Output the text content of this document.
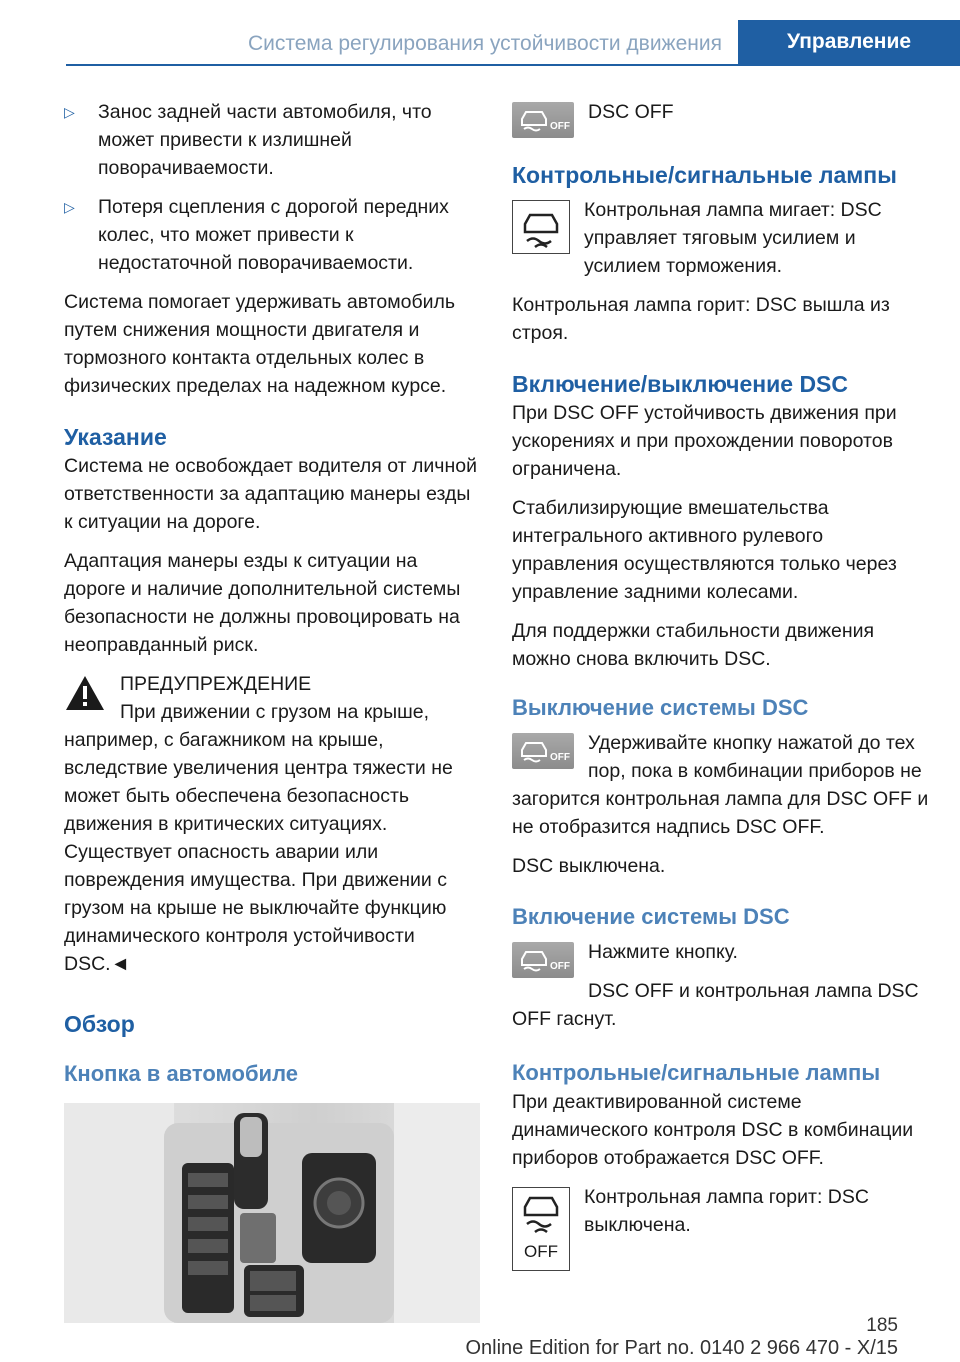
Система регулирования устойчивости движения	Управление
▷ Занос задней части автомобиля, что может привести к излишней поворачиваемости.
▷ Потеря сцепления с дорогой передних колес, что может привести к недостаточной поворачиваемости.

Система помогает удерживать автомобиль путем снижения мощности двигателя и тормозного контакта отдельных колес в физических пределах на надежном курсе.

Указание

Система не освобождает водителя от личной ответственности за адаптацию манеры езды к ситуации на дороге.

Адаптация манеры езды к ситуации на дороге и наличие дополнительной системы безопасности не должны провоцировать на неоправданный риск.

ПРЕДУПРЕЖДЕНИЕ

При движении с грузом на крыше, например, с багажником на крыше, вследствие увеличения центра тяжести не может быть обеспечена безопасность движения в критических ситуациях. Существует опасность аварии или повреждения имущества. При движении с грузом на крыше не выключайте функцию динамического контроля устойчивости DSC.◄

Обзор
Кнопка в автомобиле
OFF

DSC OFF

Контрольные/сигнальные лампы

Контрольная лампа мигает: DSC управляет тяговым усилием и усилием торможения.

Контрольная лампа горит: DSC вышла из строя.

Включение/выключение DSC

При DSC OFF устойчивость движения при ускорениях и при прохождении поворотов ограничена.

Стабилизирующие вмешательства интегрального активного рулевого управления осуществляются только через управление задними колесами.

Для поддержки стабильности движения можно снова включить DSC.

Выключение системы DSC
OFF

Удерживайте кнопку нажатой до тех пор, пока в комбинации приборов не загорится контрольная лампа для DSC OFF и не отобразится надпись DSC OFF.

DSC выключена.

Включение системы DSC
OFF

Нажмите кнопку.

DSC OFF и контрольная лампа DSC OFF гаснут.

Контрольные/сигнальные лампы

При деактивированной системе динамического контроля DSC в комбинации приборов отображается DSC OFF.

OFF

Контрольная лампа горит: DSC выключена.

185
Online Edition for Part no. 0140 2 966 470 - X/15
